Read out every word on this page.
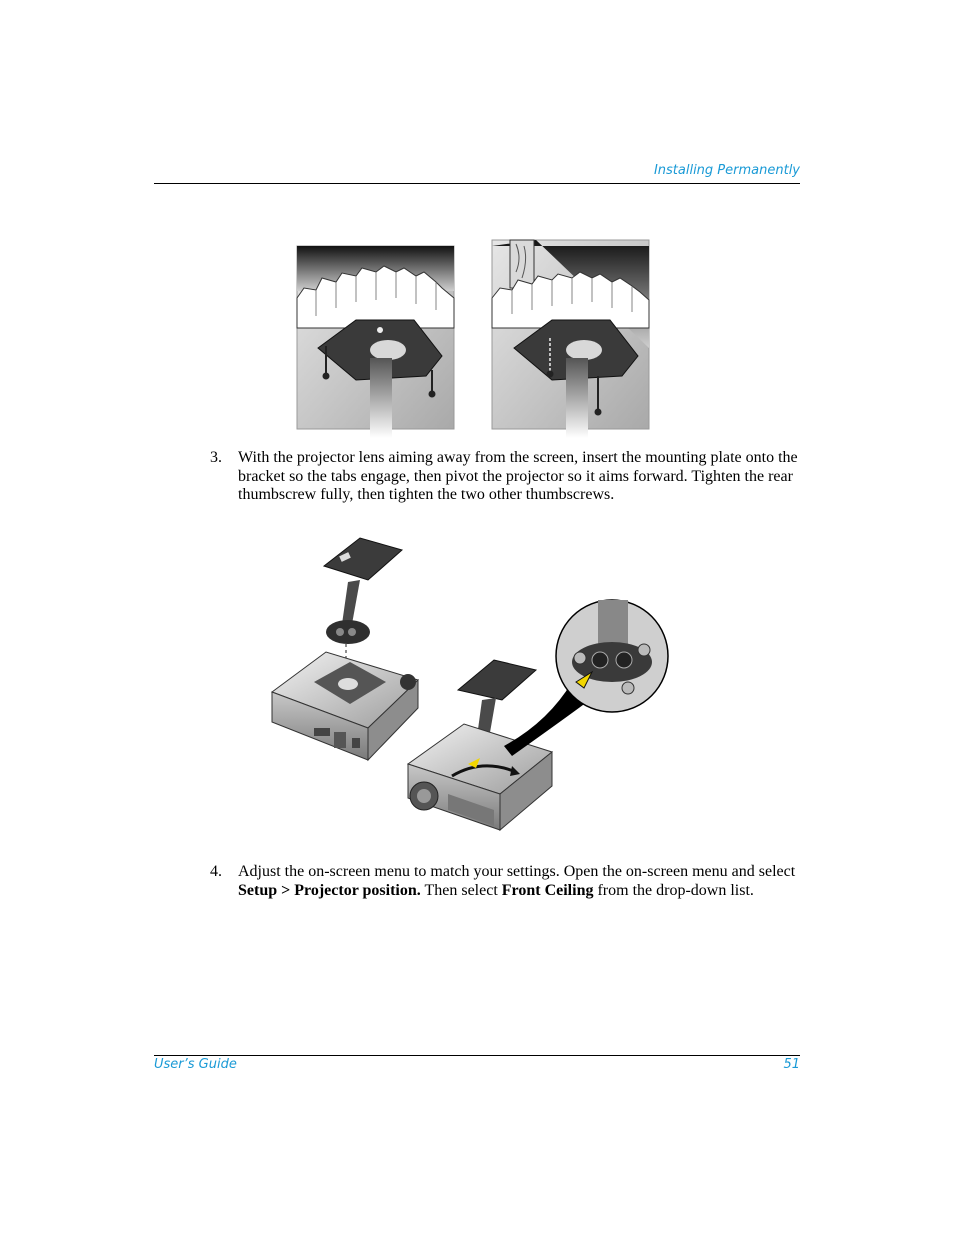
Installing Permanently
3. With the projector lens aiming away from the screen, insert the mounting plate onto the bracket so the tabs engage, then pivot the projector so it aims forward. Tighten the rear thumbscrew fully, then tighten the two other thumbscrews.
4. Adjust the on-screen menu to match your settings. Open the on-screen menu and select Setup > Projector position. Then select Front Ceiling from the drop-down list.
User’s Guide	51
